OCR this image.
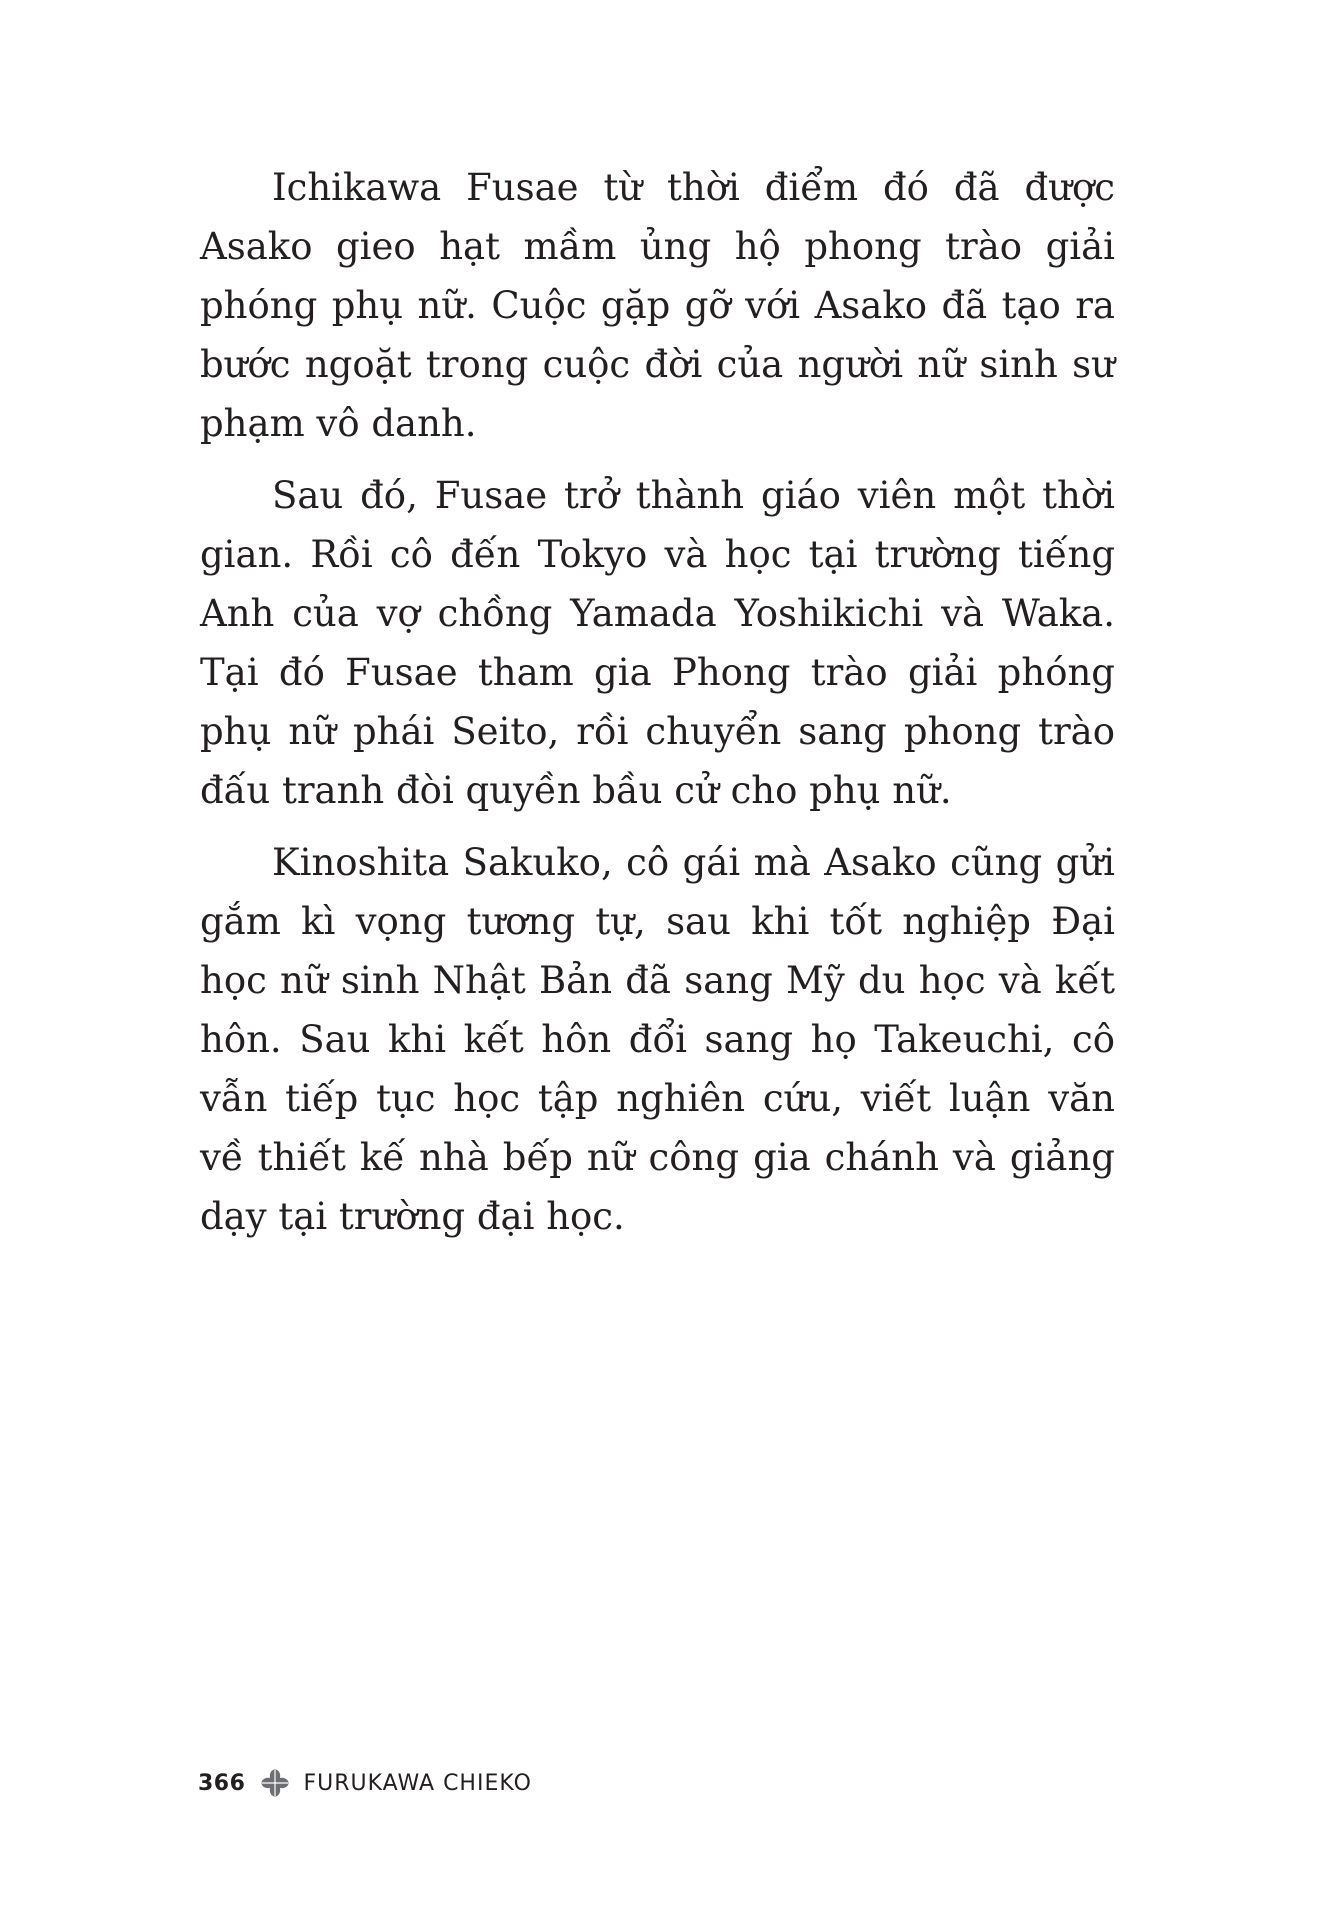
Ichikawa Fusae từ thời điểm đó đã được Asako gieo hạt mầm ủng hộ phong trào giải phóng phụ nữ. Cuộc gặp gỡ với Asako đã tạo ra bước ngoặt trong cuộc đời của người nữ sinh sư phạm vô danh.

Sau đó, Fusae trở thành giáo viên một thời gian. Rồi cô đến Tokyo và học tại trường tiếng Anh của vợ chồng Yamada Yoshikichi và Waka. Tại đó Fusae tham gia Phong trào giải phóng phụ nữ phái Seito, rồi chuyển sang phong trào đấu tranh đòi quyền bầu cử cho phụ nữ.

Kinoshita Sakuko, cô gái mà Asako cũng gửi gắm kì vọng tương tự, sau khi tốt nghiệp Đại học nữ sinh Nhật Bản đã sang Mỹ du học và kết hôn. Sau khi kết hôn đổi sang họ Takeuchi, cô vẫn tiếp tục học tập nghiên cứu, viết luận văn về thiết kế nhà bếp nữ công gia chánh và giảng dạy tại trường đại học.

366	FURUKAWA CHIEKO
